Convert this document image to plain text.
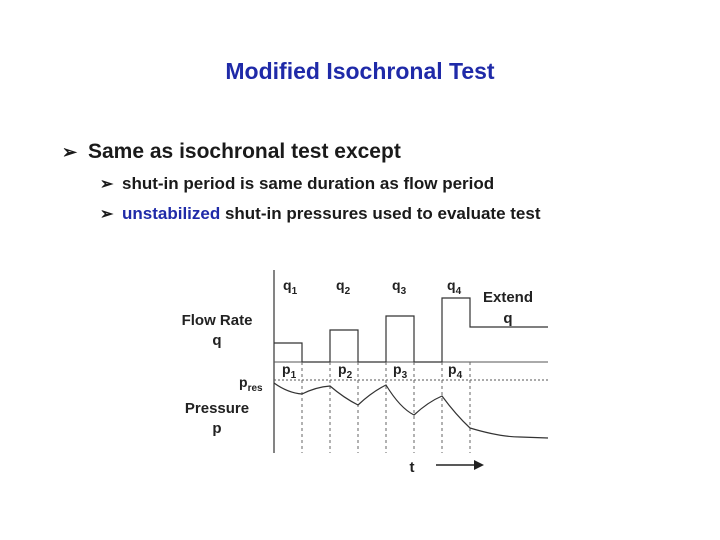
Modified Isochronal Test
➢ Same as isochronal test except
➢ shut-in period is same duration as flow period
➢ unstabilized shut-in pressures used to evaluate test
Flow Rate
q
$p_{res}$
Pressure
p
$q_1$	$q_2$	$q_3$	$q_4$ Extend
q
$p_1$	$p_2$	$p_3$	$p_4$
t
